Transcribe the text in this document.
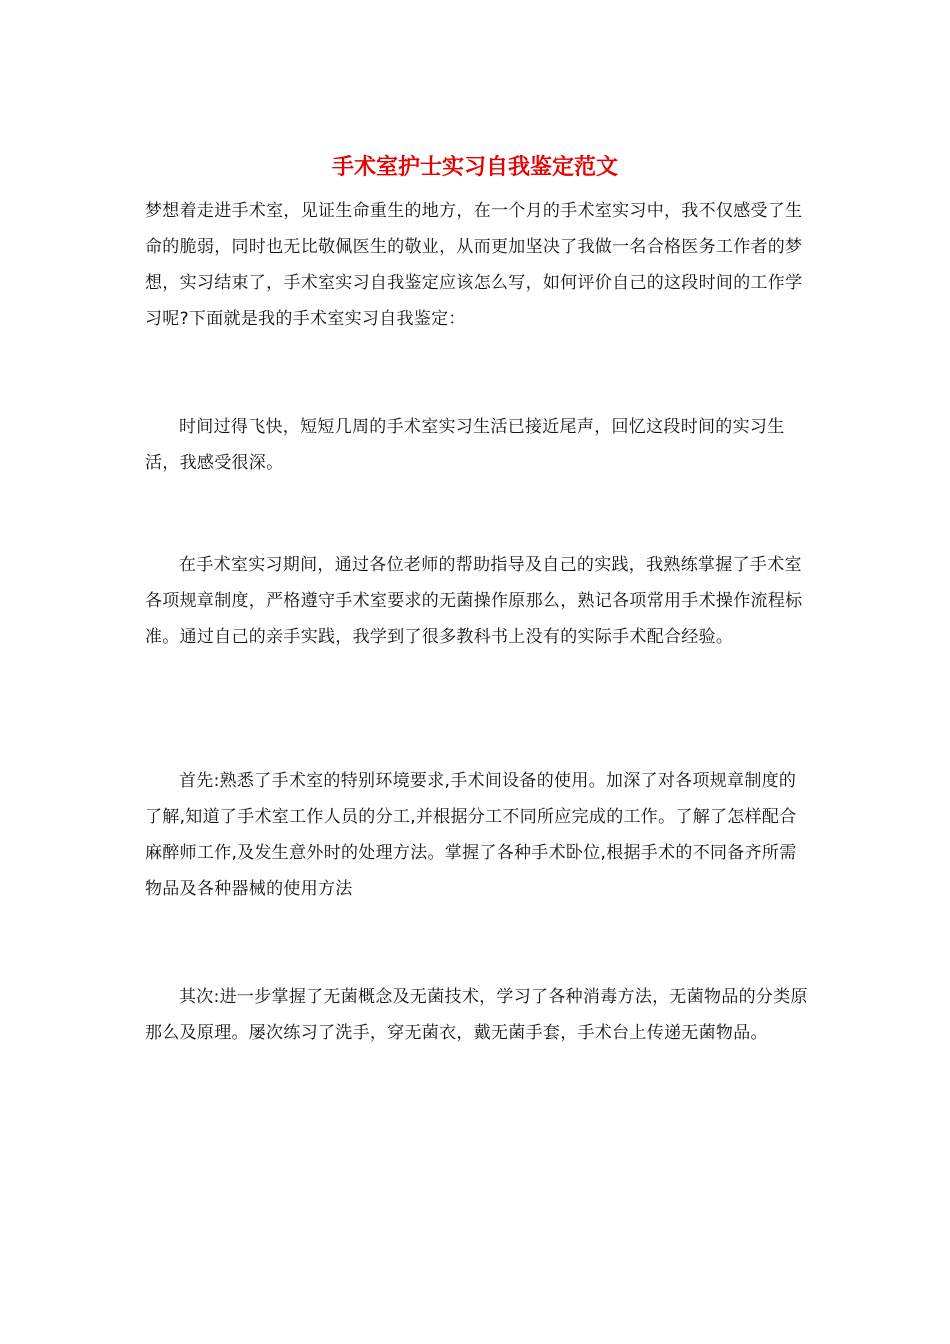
手术室护士实习自我鉴定范文

梦想着走进手术室，见证生命重生的地方，在一个月的手术室实习中，我不仅感受了生命的脆弱，同时也无比敬佩医生的敬业，从而更加坚决了我做一名合格医务工作者的梦想，实习结束了，手术室实习自我鉴定应该怎么写，如何评价自己的这段时间的工作学习呢?下面就是我的手术室实习自我鉴定：

时间过得飞快，短短几周的手术室实习生活已接近尾声，回忆这段时间的实习生活，我感受很深。

在手术室实习期间，通过各位老师的帮助指导及自己的实践，我熟练掌握了手术室各项规章制度，严格遵守手术室要求的无菌操作原那么，熟记各项常用手术操作流程标准。通过自己的亲手实践，我学到了很多教科书上没有的实际手术配合经验。

首先:熟悉了手术室的特别环境要求,手术间设备的使用。加深了对各项规章制度的了解,知道了手术室工作人员的分工,并根据分工不同所应完成的工作。了解了怎样配合麻醉师工作,及发生意外时的处理方法。掌握了各种手术卧位,根据手术的不同备齐所需物品及各种器械的使用方法

其次:进一步掌握了无菌概念及无菌技术，学习了各种消毒方法，无菌物品的分类原那么及原理。屡次练习了洗手，穿无菌衣，戴无菌手套，手术台上传递无菌物品。
